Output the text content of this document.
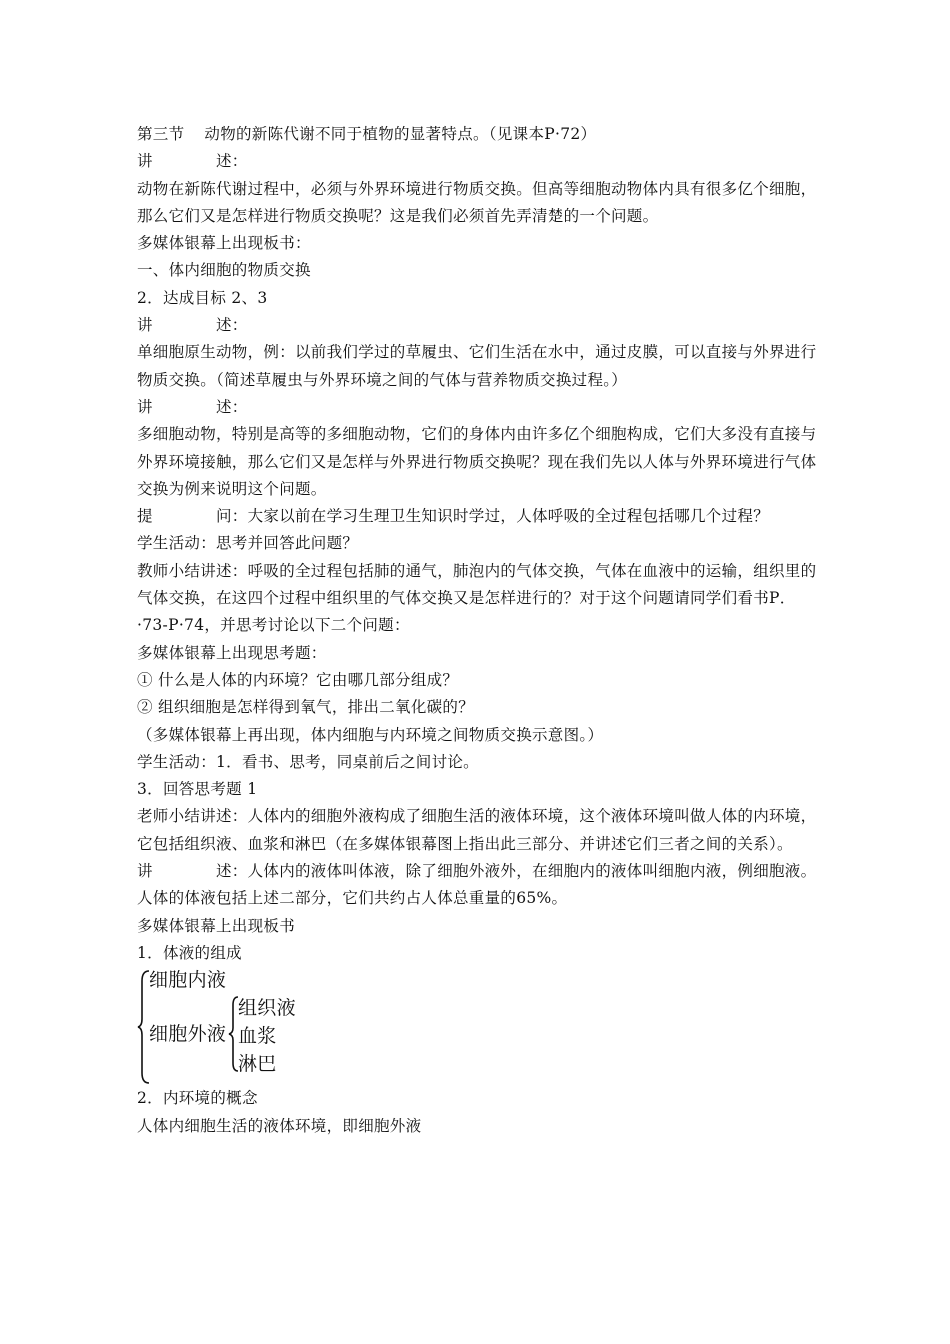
第三节 动物的新陈代谢不同于植物的显著特点。（见课本P·72）

讲　　　　述：

动物在新陈代谢过程中，必须与外界环境进行物质交换。但高等细胞动物体内具有很多亿个细胞，那么它们又是怎样进行物质交换呢？这是我们必须首先弄清楚的一个问题。

多媒体银幕上出现板书：

一、体内细胞的物质交换

2．达成目标 2、3

讲　　　　述：

单细胞原生动物，例：以前我们学过的草履虫、它们生活在水中，通过皮膜，可以直接与外界进行物质交换。（简述草履虫与外界环境之间的气体与营养物质交换过程。）

讲　　　　述：

多细胞动物，特别是高等的多细胞动物，它们的身体内由许多亿个细胞构成，它们大多没有直接与外界环境接触，那么它们又是怎样与外界进行物质交换呢？现在我们先以人体与外界环境进行气体交换为例来说明这个问题。

提　　　　问：大家以前在学习生理卫生知识时学过，人体呼吸的全过程包括哪几个过程？

学生活动：思考并回答此问题？

教师小结讲述：呼吸的全过程包括肺的通气，肺泡内的气体交换，气体在血液中的运输，组织里的气体交换，在这四个过程中组织里的气体交换又是怎样进行的？对于这个问题请同学们看书P．·73-P·74，并思考讨论以下二个问题：

多媒体银幕上出现思考题：

① 什么是人体的内环境？它由哪几部分组成？

② 组织细胞是怎样得到氧气，排出二氧化碳的？

（多媒体银幕上再出现，体内细胞与内环境之间物质交换示意图。）

学生活动：1．看书、思考，同桌前后之间讨论。

3．回答思考题 1

老师小结讲述：人体内的细胞外液构成了细胞生活的液体环境，这个液体环境叫做人体的内环境，它包括组织液、血浆和淋巴（在多媒体银幕图上指出此三部分、并讲述它们三者之间的关系）。

讲　　　　述：人体内的液体叫体液，除了细胞外液外，在细胞内的液体叫细胞内液，例细胞液。人体的体液包括上述二部分，它们共约占人体总重量的65%。

多媒体银幕上出现板书

1．体液的组成

细胞内液
细胞外液
组织液
血浆
淋巴

2．内环境的概念

人体内细胞生活的液体环境，即细胞外液
